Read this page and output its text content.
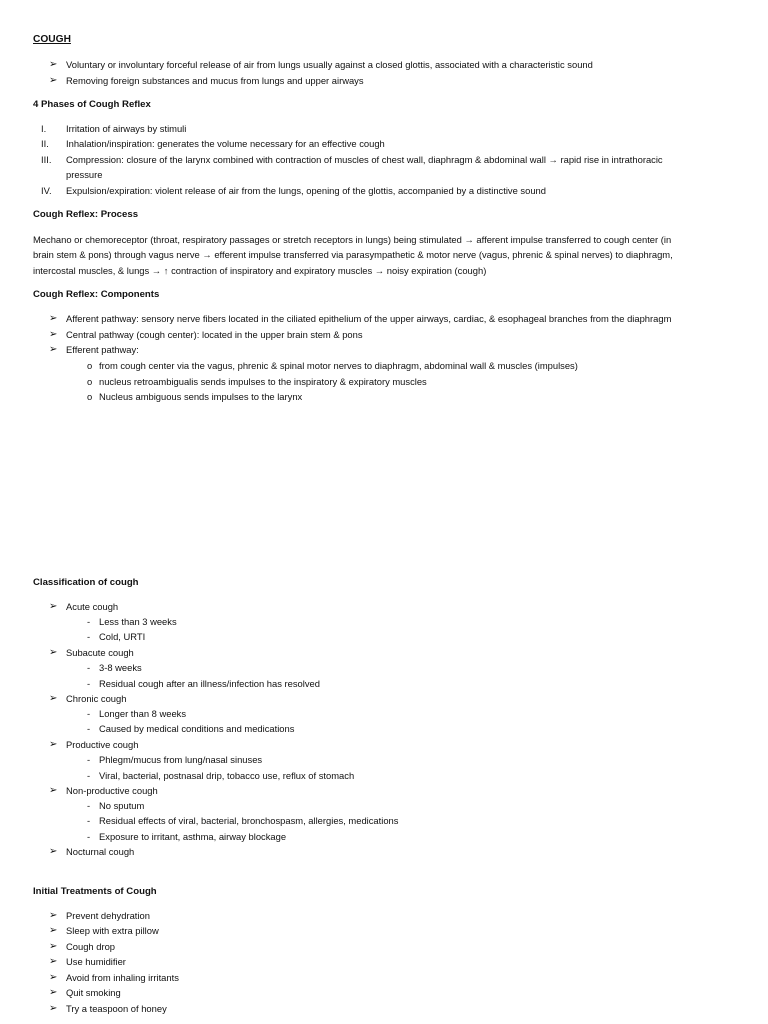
COUGH
➢ Voluntary or involuntary forceful release of air from lungs usually against a closed glottis, associated with a characteristic sound
➢ Removing foreign substances and mucus from lungs and upper airways
4 Phases of Cough Reflex
I. Irritation of airways by stimuli
II. Inhalation/inspiration: generates the volume necessary for an effective cough
III. Compression: closure of the larynx combined with contraction of muscles of chest wall, diaphragm & abdominal wall → rapid rise in intrathoracic
pressure
IV. Expulsion/expiration: violent release of air from the lungs, opening of the glottis, accompanied by a distinctive sound
Cough Reflex: Process
Mechano or chemoreceptor (throat, respiratory passages or stretch receptors in lungs) being stimulated → afferent impulse transferred to cough center (in
brain stem & pons) through vagus nerve → efferent impulse transferred via parasympathetic & motor nerve (vagus, phrenic & spinal nerves) to diaphragm,
intercostal muscles, & lungs → ↑ contraction of inspiratory and expiratory muscles → noisy expiration (cough)
Cough Reflex: Components
➢ Afferent pathway: sensory nerve fibers located in the ciliated epithelium of the upper airways, cardiac, & esophageal branches from the diaphragm
➢ Central pathway (cough center): located in the upper brain stem & pons
➢ Efferent pathway:
o from cough center via the vagus, phrenic & spinal motor nerves to diaphragm, abdominal wall & muscles (impulses)
o nucleus retroambigualis sends impulses to the inspiratory & expiratory muscles
o Nucleus ambiguous sends impulses to the larynx
Classification of cough
➢ Acute cough
- Less than 3 weeks
- Cold, URTI
➢ Subacute cough
- 3-8 weeks
- Residual cough after an illness/infection has resolved
➢ Chronic cough
- Longer than 8 weeks
- Caused by medical conditions and medications
➢ Productive cough
- Phlegm/mucus from lung/nasal sinuses
- Viral, bacterial, postnasal drip, tobacco use, reflux of stomach
➢ Non-productive cough
- No sputum
- Residual effects of viral, bacterial, bronchospasm, allergies, medications
- Exposure to irritant, asthma, airway blockage
➢ Nocturnal cough
Initial Treatments of Cough
➢ Prevent dehydration
➢ Sleep with extra pillow
➢ Cough drop
➢ Use humidifier
➢ Avoid from inhaling irritants
➢ Quit smoking
➢ Try a teaspoon of honey
